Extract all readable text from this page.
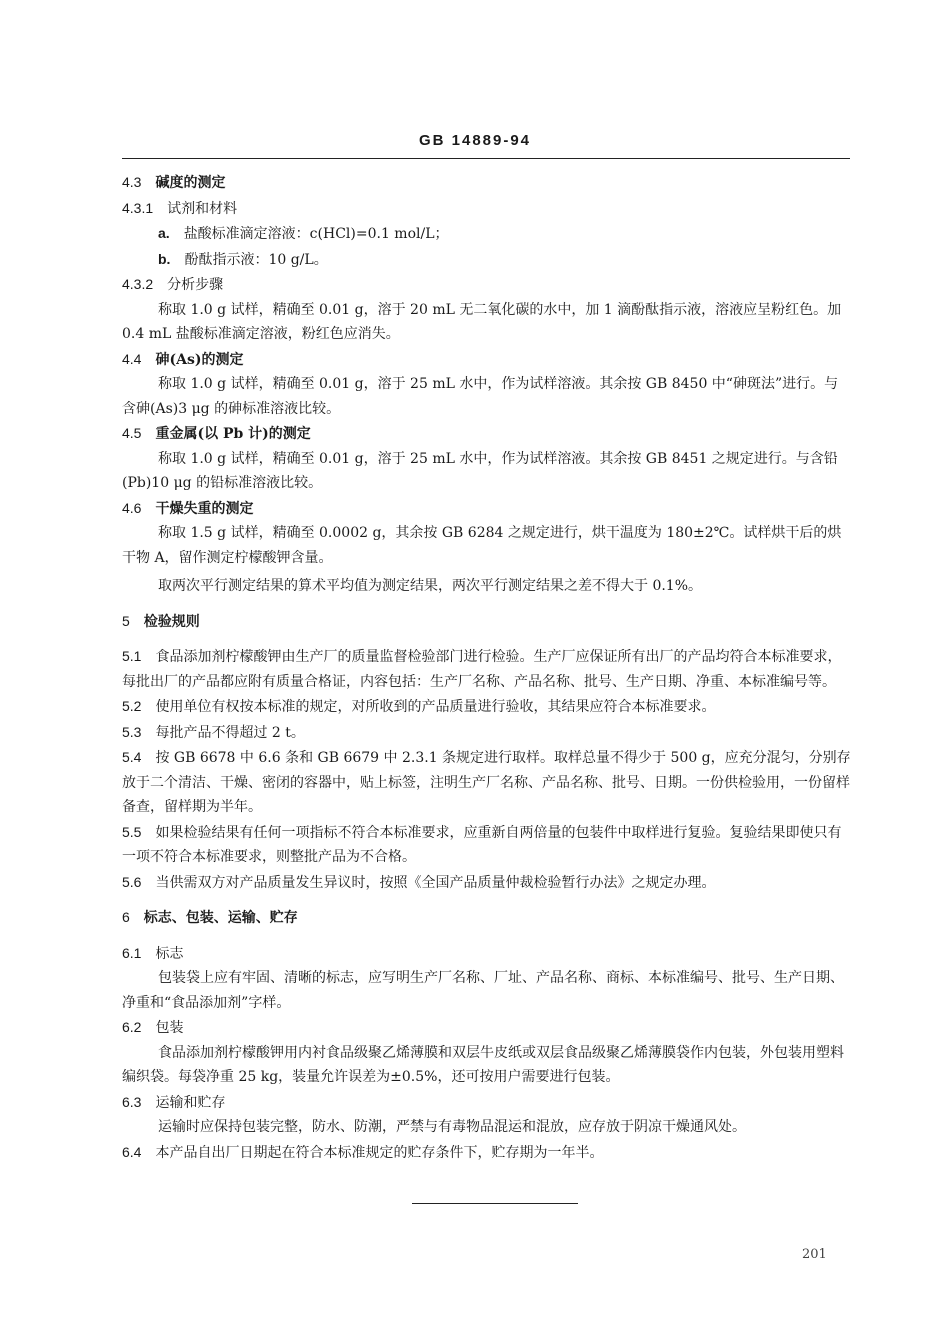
GB 14889-94

4.3 碱度的测定

4.3.1 试剂和材料

a. 盐酸标准滴定溶液：c(HCl)=0.1 mol/L；

b. 酚酞指示液：10 g/L。

4.3.2 分析步骤

称取 1.0 g 试样，精确至 0.01 g，溶于 20 mL 无二氧化碳的水中，加 1 滴酚酞指示液，溶液应呈粉红色。加 0.4 mL 盐酸标准滴定溶液，粉红色应消失。

4.4 砷(As)的测定

称取 1.0 g 试样，精确至 0.01 g，溶于 25 mL 水中，作为试样溶液。其余按 GB 8450 中“砷斑法”进行。与含砷(As)3 μg 的砷标准溶液比较。

4.5 重金属(以 Pb 计)的测定

称取 1.0 g 试样，精确至 0.01 g，溶于 25 mL 水中，作为试样溶液。其余按 GB 8451 之规定进行。与含铅(Pb)10 μg 的铅标准溶液比较。

4.6 干燥失重的测定

称取 1.5 g 试样，精确至 0.0002 g，其余按 GB 6284 之规定进行，烘干温度为 180±2℃。试样烘干后的烘干物 A，留作测定柠檬酸钾含量。

取两次平行测定结果的算术平均值为测定结果，两次平行测定结果之差不得大于 0.1%。

5 检验规则

5.1 食品添加剂柠檬酸钾由生产厂的质量监督检验部门进行检验。生产厂应保证所有出厂的产品均符合本标准要求，每批出厂的产品都应附有质量合格证，内容包括：生产厂名称、产品名称、批号、生产日期、净重、本标准编号等。

5.2 使用单位有权按本标准的规定，对所收到的产品质量进行验收，其结果应符合本标准要求。

5.3 每批产品不得超过 2 t。

5.4 按 GB 6678 中 6.6 条和 GB 6679 中 2.3.1 条规定进行取样。取样总量不得少于 500 g，应充分混匀，分别存放于二个清洁、干燥、密闭的容器中，贴上标签，注明生产厂名称、产品名称、批号、日期。一份供检验用，一份留样备查，留样期为半年。

5.5 如果检验结果有任何一项指标不符合本标准要求，应重新自两倍量的包装件中取样进行复验。复验结果即使只有一项不符合本标准要求，则整批产品为不合格。

5.6 当供需双方对产品质量发生异议时，按照《全国产品质量仲裁检验暂行办法》之规定办理。

6 标志、包装、运输、贮存

6.1 标志

包装袋上应有牢固、清晰的标志，应写明生产厂名称、厂址、产品名称、商标、本标准编号、批号、生产日期、净重和“食品添加剂”字样。

6.2 包装

食品添加剂柠檬酸钾用内衬食品级聚乙烯薄膜和双层牛皮纸或双层食品级聚乙烯薄膜袋作内包装，外包装用塑料编织袋。每袋净重 25 kg，装量允许误差为±0.5%，还可按用户需要进行包装。

6.3 运输和贮存

运输时应保持包装完整，防水、防潮，严禁与有毒物品混运和混放，应存放于阴凉干燥通风处。

6.4 本产品自出厂日期起在符合本标准规定的贮存条件下，贮存期为一年半。

201
